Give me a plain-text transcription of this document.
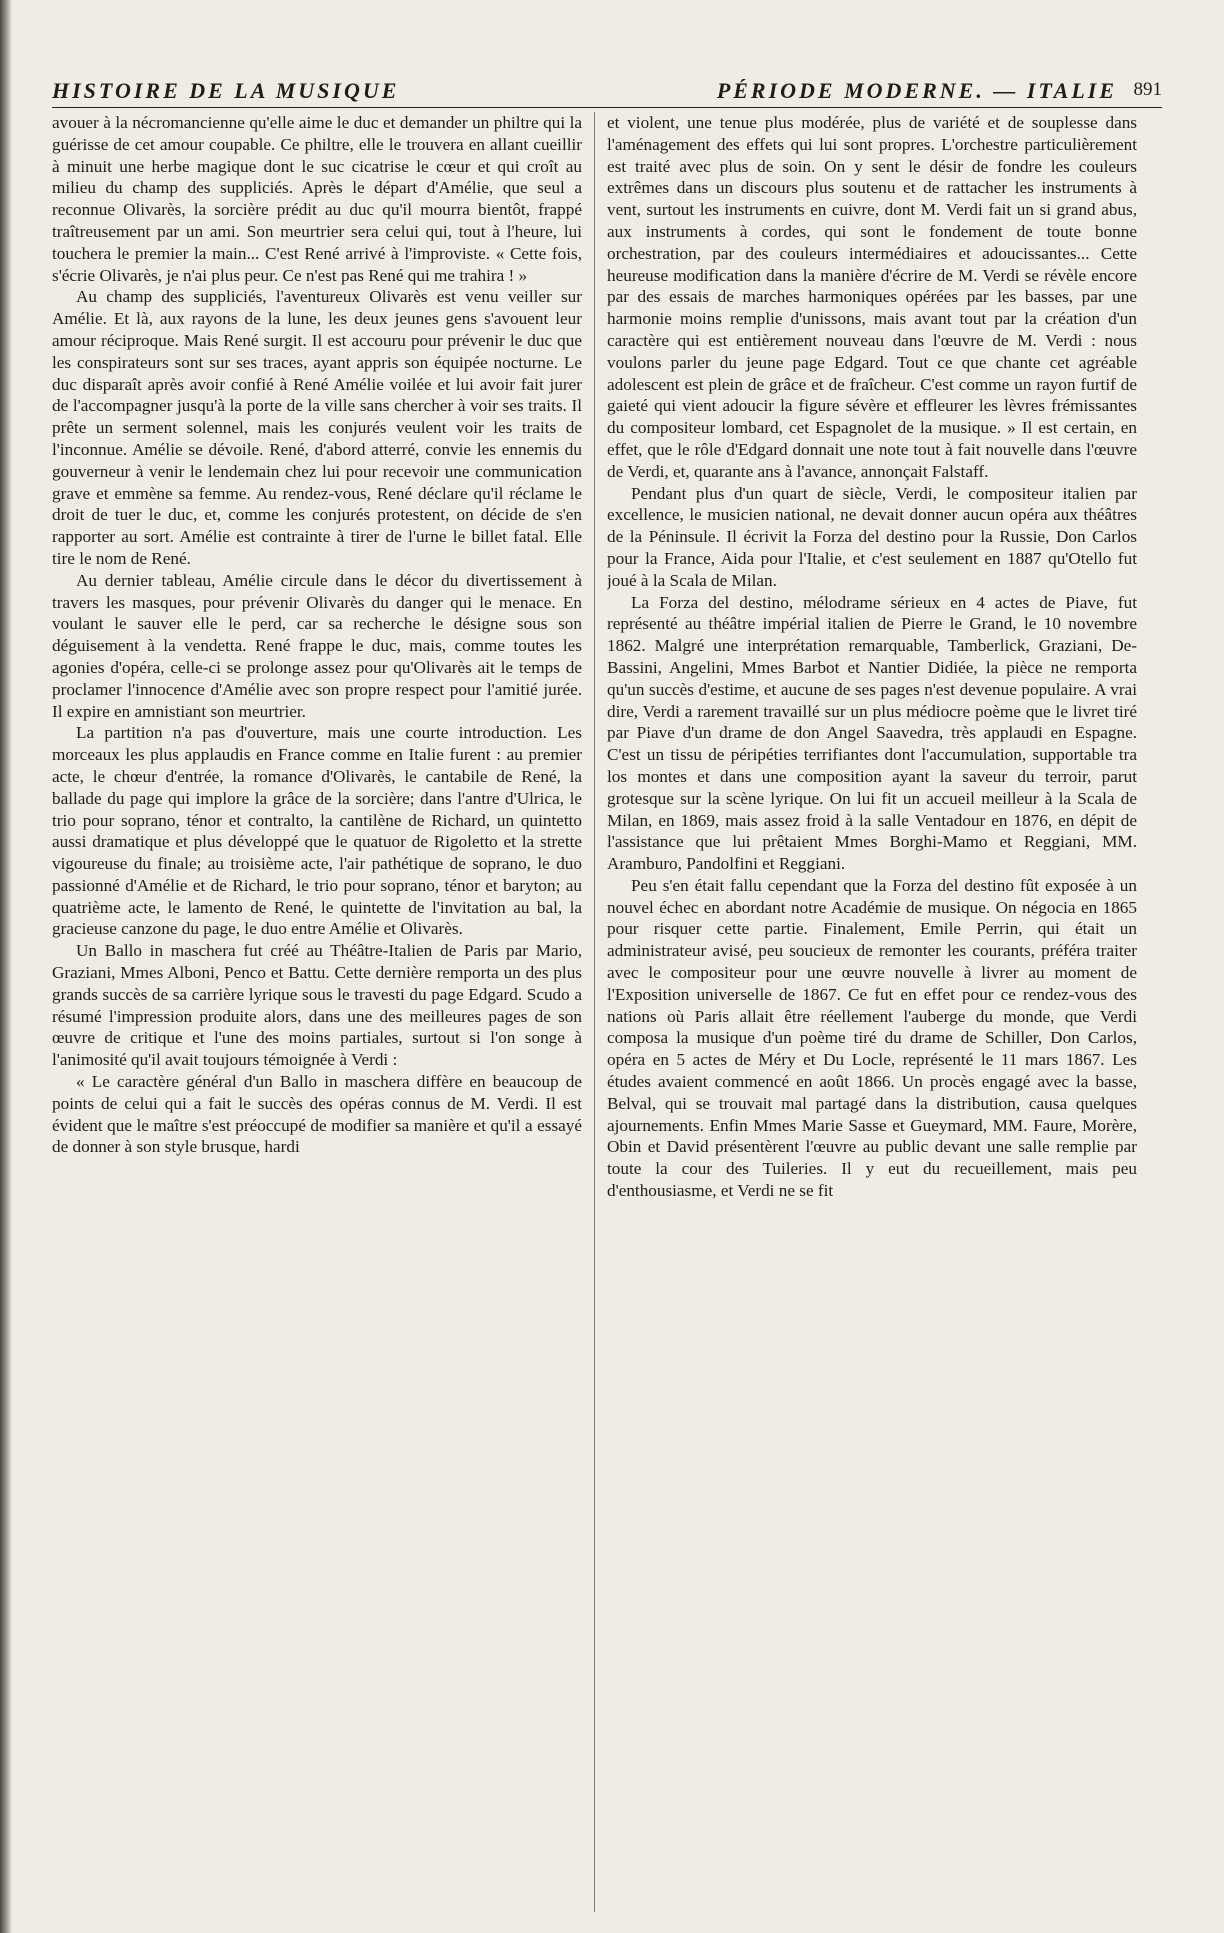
HISTOIRE DE LA MUSIQUE	PÉRIODE MODERNE. — ITALIE 891

avouer à la nécromancienne qu'elle aime le duc et demander un philtre qui la guérisse de cet amour coupable. Ce philtre, elle le trouvera en allant cueillir à minuit une herbe magique dont le suc cicatrise le cœur et qui croît au milieu du champ des suppliciés. Après le départ d'Amélie, que seul a reconnue Olivarès, la sorcière prédit au duc qu'il mourra bientôt, frappé traîtreusement par un ami. Son meurtrier sera celui qui, tout à l'heure, lui touchera le premier la main... C'est René arrivé à l'improviste. « Cette fois, s'écrie Olivarès, je n'ai plus peur. Ce n'est pas René qui me trahira ! »

Au champ des suppliciés, l'aventureux Olivarès est venu veiller sur Amélie. Et là, aux rayons de la lune, les deux jeunes gens s'avouent leur amour réciproque. Mais René surgit. Il est accouru pour prévenir le duc que les conspirateurs sont sur ses traces, ayant appris son équipée nocturne. Le duc disparaît après avoir confié à René Amélie voilée et lui avoir fait jurer de l'accompagner jusqu'à la porte de la ville sans chercher à voir ses traits. Il prête un serment solennel, mais les conjurés veulent voir les traits de l'inconnue. Amélie se dévoile. René, d'abord atterré, convie les ennemis du gouverneur à venir le lendemain chez lui pour recevoir une communication grave et emmène sa femme. Au rendez-vous, René déclare qu'il réclame le droit de tuer le duc, et, comme les conjurés protestent, on décide de s'en rapporter au sort. Amélie est contrainte à tirer de l'urne le billet fatal. Elle tire le nom de René.

Au dernier tableau, Amélie circule dans le décor du divertissement à travers les masques, pour prévenir Olivarès du danger qui le menace. En voulant le sauver elle le perd, car sa recherche le désigne sous son déguisement à la vendetta. René frappe le duc, mais, comme toutes les agonies d'opéra, celle-ci se prolonge assez pour qu'Olivarès ait le temps de proclamer l'innocence d'Amélie avec son propre respect pour l'amitié jurée. Il expire en amnistiant son meurtrier.

La partition n'a pas d'ouverture, mais une courte introduction. Les morceaux les plus applaudis en France comme en Italie furent : au premier acte, le chœur d'entrée, la romance d'Olivarès, le cantabile de René, la ballade du page qui implore la grâce de la sorcière; dans l'antre d'Ulrica, le trio pour soprano, ténor et contralto, la cantilène de Richard, un quintetto aussi dramatique et plus développé que le quatuor de Rigoletto et la strette vigoureuse du finale; au troisième acte, l'air pathétique de soprano, le duo passionné d'Amélie et de Richard, le trio pour soprano, ténor et baryton; au quatrième acte, le lamento de René, le quintette de l'invitation au bal, la gracieuse canzone du page, le duo entre Amélie et Olivarès.

Un Ballo in maschera fut créé au Théâtre-Italien de Paris par Mario, Graziani, Mmes Alboni, Penco et Battu. Cette dernière remporta un des plus grands succès de sa carrière lyrique sous le travesti du page Edgard. Scudo a résumé l'impression produite alors, dans une des meilleures pages de son œuvre de critique et l'une des moins partiales, surtout si l'on songe à l'animosité qu'il avait toujours témoignée à Verdi :

« Le caractère général d'un Ballo in maschera diffère en beaucoup de points de celui qui a fait le succès des opéras connus de M. Verdi. Il est évident que le maître s'est préoccupé de modifier sa manière et qu'il a essayé de donner à son style brusque, hardi

et violent, une tenue plus modérée, plus de variété et de souplesse dans l'aménagement des effets qui lui sont propres. L'orchestre particulièrement est traité avec plus de soin. On y sent le désir de fondre les couleurs extrêmes dans un discours plus soutenu et de rattacher les instruments à vent, surtout les instruments en cuivre, dont M. Verdi fait un si grand abus, aux instruments à cordes, qui sont le fondement de toute bonne orchestration, par des couleurs intermédiaires et adoucissantes... Cette heureuse modification dans la manière d'écrire de M. Verdi se révèle encore par des essais de marches harmoniques opérées par les basses, par une harmonie moins remplie d'unissons, mais avant tout par la création d'un caractère qui est entièrement nouveau dans l'œuvre de M. Verdi : nous voulons parler du jeune page Edgard. Tout ce que chante cet agréable adolescent est plein de grâce et de fraîcheur. C'est comme un rayon furtif de gaieté qui vient adoucir la figure sévère et effleurer les lèvres frémissantes du compositeur lombard, cet Espagnolet de la musique. » Il est certain, en effet, que le rôle d'Edgard donnait une note tout à fait nouvelle dans l'œuvre de Verdi, et, quarante ans à l'avance, annonçait Falstaff.

Pendant plus d'un quart de siècle, Verdi, le compositeur italien par excellence, le musicien national, ne devait donner aucun opéra aux théâtres de la Péninsule. Il écrivit la Forza del destino pour la Russie, Don Carlos pour la France, Aida pour l'Italie, et c'est seulement en 1887 qu'Otello fut joué à la Scala de Milan.

La Forza del destino, mélodrame sérieux en 4 actes de Piave, fut représenté au théâtre impérial italien de Pierre le Grand, le 10 novembre 1862. Malgré une interprétation remarquable, Tamberlick, Graziani, De-Bassini, Angelini, Mmes Barbot et Nantier Didiée, la pièce ne remporta qu'un succès d'estime, et aucune de ses pages n'est devenue populaire. A vrai dire, Verdi a rarement travaillé sur un plus médiocre poème que le livret tiré par Piave d'un drame de don Angel Saavedra, très applaudi en Espagne. C'est un tissu de péripéties terrifiantes dont l'accumulation, supportable tra los montes et dans une composition ayant la saveur du terroir, parut grotesque sur la scène lyrique. On lui fit un accueil meilleur à la Scala de Milan, en 1869, mais assez froid à la salle Ventadour en 1876, en dépit de l'assistance que lui prêtaient Mmes Borghi-Mamo et Reggiani, MM. Aramburo, Pandolfini et Reggiani.

Peu s'en était fallu cependant que la Forza del destino fût exposée à un nouvel échec en abordant notre Académie de musique. On négocia en 1865 pour risquer cette partie. Finalement, Emile Perrin, qui était un administrateur avisé, peu soucieux de remonter les courants, préféra traiter avec le compositeur pour une œuvre nouvelle à livrer au moment de l'Exposition universelle de 1867. Ce fut en effet pour ce rendez-vous des nations où Paris allait être réellement l'auberge du monde, que Verdi composa la musique d'un poème tiré du drame de Schiller, Don Carlos, opéra en 5 actes de Méry et Du Locle, représenté le 11 mars 1867. Les études avaient commencé en août 1866. Un procès engagé avec la basse, Belval, qui se trouvait mal partagé dans la distribution, causa quelques ajournements. Enfin Mmes Marie Sasse et Gueymard, MM. Faure, Morère, Obin et David présentèrent l'œuvre au public devant une salle remplie par toute la cour des Tuileries. Il y eut du recueillement, mais peu d'enthousiasme, et Verdi ne se fit
